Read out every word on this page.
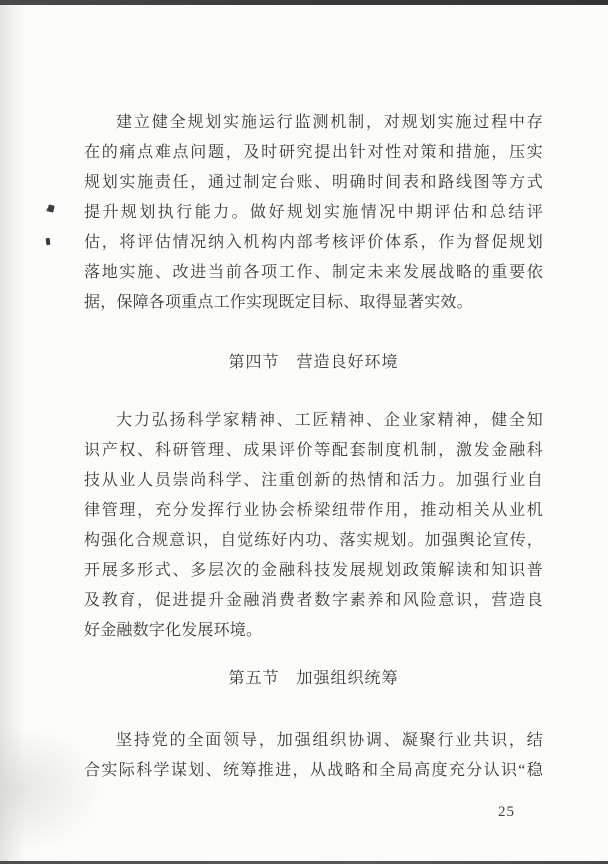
建立健全规划实施运行监测机制，对规划实施过程中存
在的痛点难点问题，及时研究提出针对性对策和措施，压实
规划实施责任，通过制定台账、明确时间表和路线图等方式
提升规划执行能力。做好规划实施情况中期评估和总结评
估，将评估情况纳入机构内部考核评价体系，作为督促规划
落地实施、改进当前各项工作、制定未来发展战略的重要依
据，保障各项重点工作实现既定目标、取得显著实效。
第四节　营造良好环境
大力弘扬科学家精神、工匠精神、企业家精神，健全知
识产权、科研管理、成果评价等配套制度机制，激发金融科
技从业人员崇尚科学、注重创新的热情和活力。加强行业自
律管理，充分发挥行业协会桥梁纽带作用，推动相关从业机
构强化合规意识，自觉练好内功、落实规划。加强舆论宣传，
开展多形式、多层次的金融科技发展规划政策解读和知识普
及教育，促进提升金融消费者数字素养和风险意识，营造良
好金融数字化发展环境。
第五节　加强组织统筹
坚持党的全面领导，加强组织协调、凝聚行业共识，结
合实际科学谋划、统筹推进，从战略和全局高度充分认识“稳
25
